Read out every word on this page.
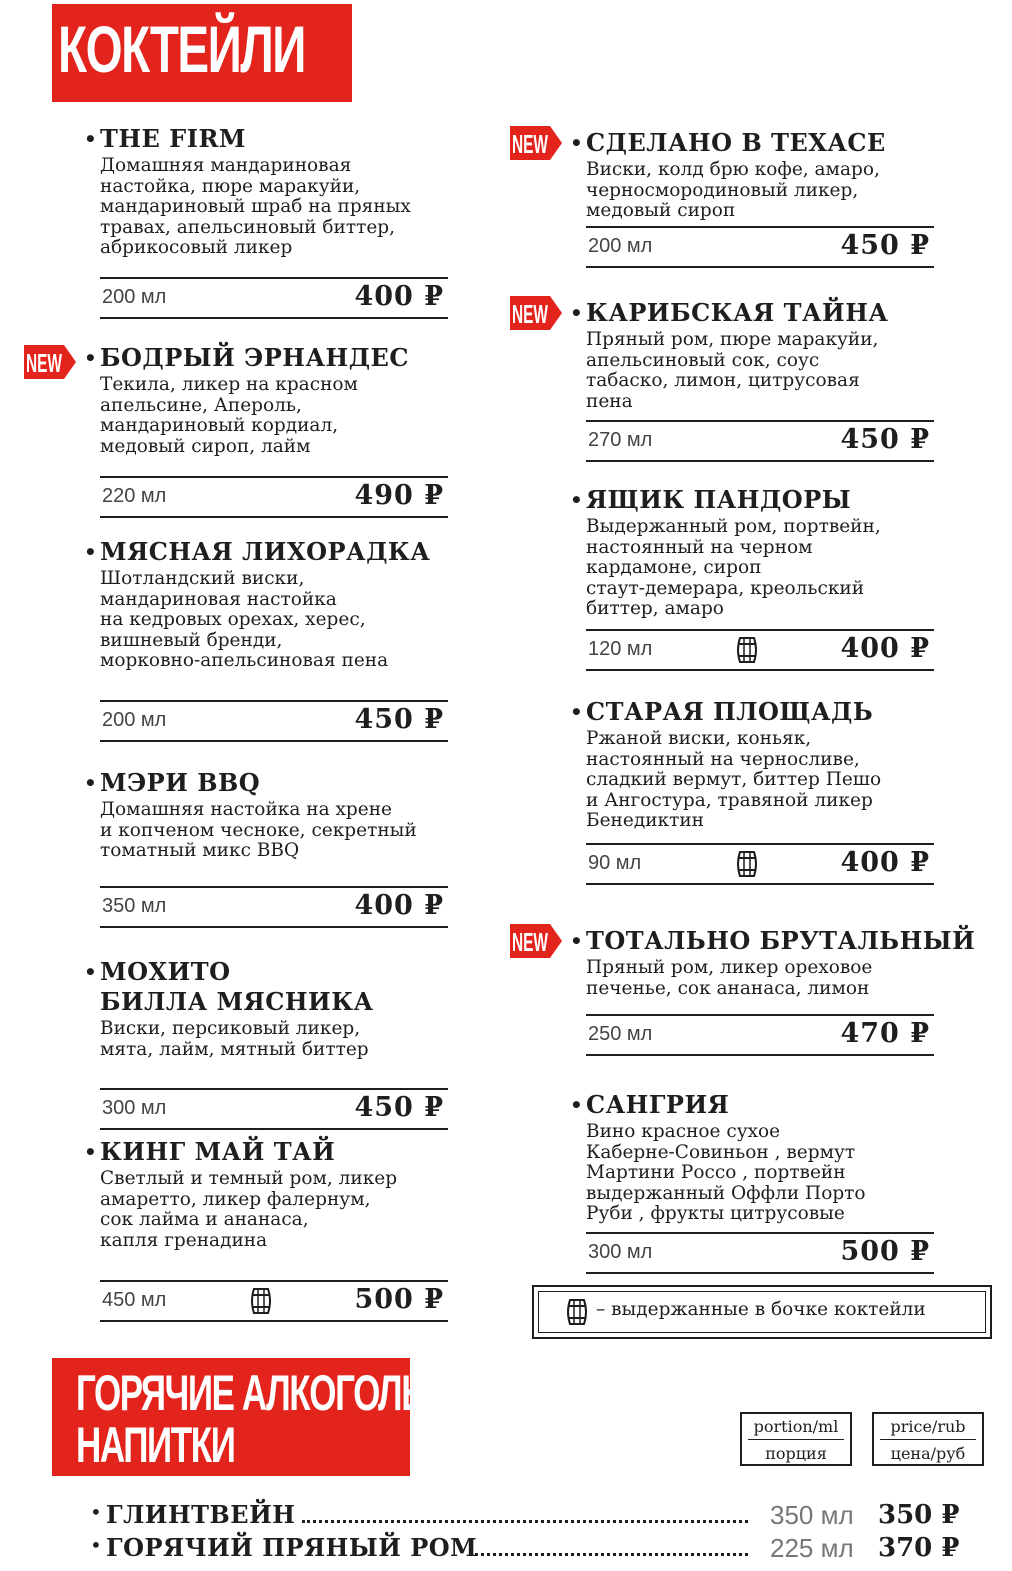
КОКТЕЙЛИ
ГОРЯЧИЕ АЛКОГОЛЬНЫЕ
НАПИТКИ
• THE FIRM
Домашняя мандариновая
настойка, пюре маракуйи,
мандариновый шраб на пряных
травах, апельсиновый биттер,
абрикосовый ликер
200 мл	400 ₽
• БОДРЫЙ ЭРНАНДЕС
Текила, ликер на красном
апельсине, Апероль,
мандариновый кордиал,
медовый сироп, лайм
NEW
220 мл	490 ₽
• МЯСНАЯ ЛИХОРАДКА
Шотландский виски,
мандариновая настойка
на кедровых орехах, херес,
вишневый бренди,
морковно-апельсиновая пена
200 мл	450 ₽
• МЭРИ BBQ
Домашняя настойка на хрене
и копченом чесноке, секретный
томатный микс BBQ
350 мл	400 ₽
• МОХИТО
БИЛЛА МЯСНИКА
Виски, персиковый ликер,
мята, лайм, мятный биттер
300 мл	450 ₽
• КИНГ МАЙ ТАЙ
Светлый и темный ром, ликер
амаретто, ликер фалернум,
сок лайма и ананаса,
капля гренадина
450 мл	500 ₽
• СДЕЛАНО В ТЕХАСЕ
Виски, колд брю кофе, амаро,
черносмородиновый ликер,
медовый сироп
NEW
200 мл	450 ₽
• КАРИБСКАЯ ТАЙНА
Пряный ром, пюре маракуйи,
апельсиновый сок, соус
табаско, лимон, цитрусовая
пена
NEW
270 мл	450 ₽
• ЯЩИК ПАНДОРЫ
Выдержанный ром, портвейн,
настоянный на черном
кардамоне, сироп
стаут-демерара, креольский
биттер, амаро
120 мл	400 ₽
• СТАРАЯ ПЛОЩАДЬ
Ржаной виски, коньяк,
настоянный на черносливе,
сладкий вермут, биттер Пешо
и Ангостура, травяной ликер
Бенедиктин
90 мл	400 ₽
• ТОТАЛЬНО БРУТАЛЬНЫЙ
Пряный ром, ликер ореховое
печенье, сок ананаса, лимон
NEW
250 мл	470 ₽
• САНГРИЯ
Вино красное сухое
Каберне-Совиньон , вермут
Мартини Россо , портвейн
выдержанный Оффли Порто
Руби , фрукты цитрусовые
300 мл	500 ₽
– выдержанные в бочке коктейли
portion/ml
порция
price/rub
цена/руб
• ГЛИНТВЕЙН	350 мл 350 ₽
• ГОРЯЧИЙ ПРЯНЫЙ РОМ	225 мл 370 ₽
